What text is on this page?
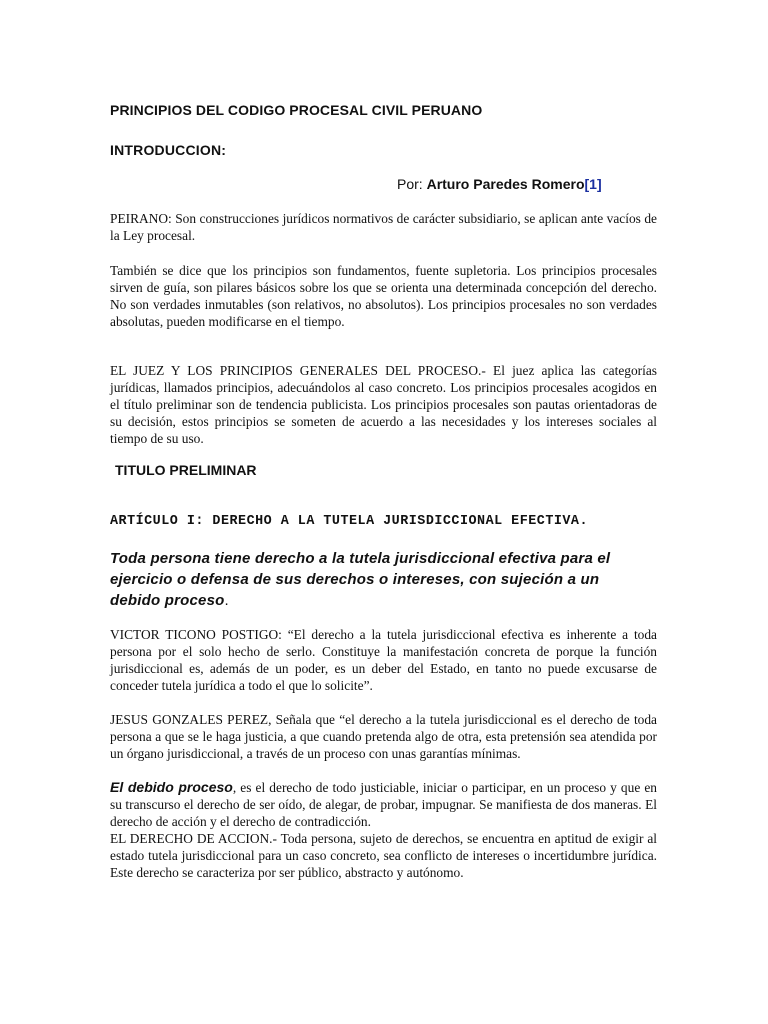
PRINCIPIOS DEL CODIGO PROCESAL CIVIL PERUANO
INTRODUCCION:
Por: Arturo Paredes Romero[1]
PEIRANO: Son construcciones jurídicos normativos de carácter subsidiario, se aplican ante vacíos de la Ley procesal.
También se dice que los principios son fundamentos, fuente supletoria. Los principios procesales sirven de guía, son pilares básicos sobre los que se orienta una determinada concepción del derecho. No son verdades inmutables (son relativos, no absolutos). Los principios procesales no son verdades absolutas, pueden modificarse en el tiempo.
EL JUEZ Y LOS PRINCIPIOS GENERALES DEL PROCESO.- El juez aplica las categorías jurídicas, llamados principios, adecuándolos al caso concreto. Los principios procesales acogidos en el título preliminar son de tendencia publicista. Los principios procesales son pautas orientadoras de su decisión, estos principios se someten de acuerdo a las necesidades y los intereses sociales al tiempo de su uso.
TITULO PRELIMINAR
ARTÍCULO I: DERECHO A LA TUTELA JURISDICCIONAL EFECTIVA.
Toda persona tiene derecho a la tutela jurisdiccional efectiva para el ejercicio o defensa de sus derechos o intereses, con sujeción a un debido proceso.
VICTOR TICONO POSTIGO: “El derecho a la tutela jurisdiccional efectiva es inherente a toda persona por el solo hecho de serlo. Constituye la manifestación concreta de porque la función jurisdiccional es, además de un poder, es un deber del Estado, en tanto no puede excusarse de conceder tutela jurídica a todo el que lo solicite”.
JESUS GONZALES PEREZ, Señala que “el derecho a la tutela jurisdiccional es el derecho de toda persona a que se le haga justicia, a que cuando pretenda algo de otra, esta pretensión sea atendida por un órgano jurisdiccional, a través de un proceso con unas garantías mínimas.
El debido proceso, es el derecho de todo justiciable, iniciar o participar, en un proceso y que en su transcurso el derecho de ser oído, de alegar, de probar, impugnar. Se manifiesta de dos maneras. El derecho de acción y el derecho de contradicción.
EL DERECHO DE ACCION.- Toda persona, sujeto de derechos, se encuentra en aptitud de exigir al estado tutela jurisdiccional para un caso concreto, sea conflicto de intereses o incertidumbre jurídica. Este derecho se caracteriza por ser público, abstracto y autónomo.
